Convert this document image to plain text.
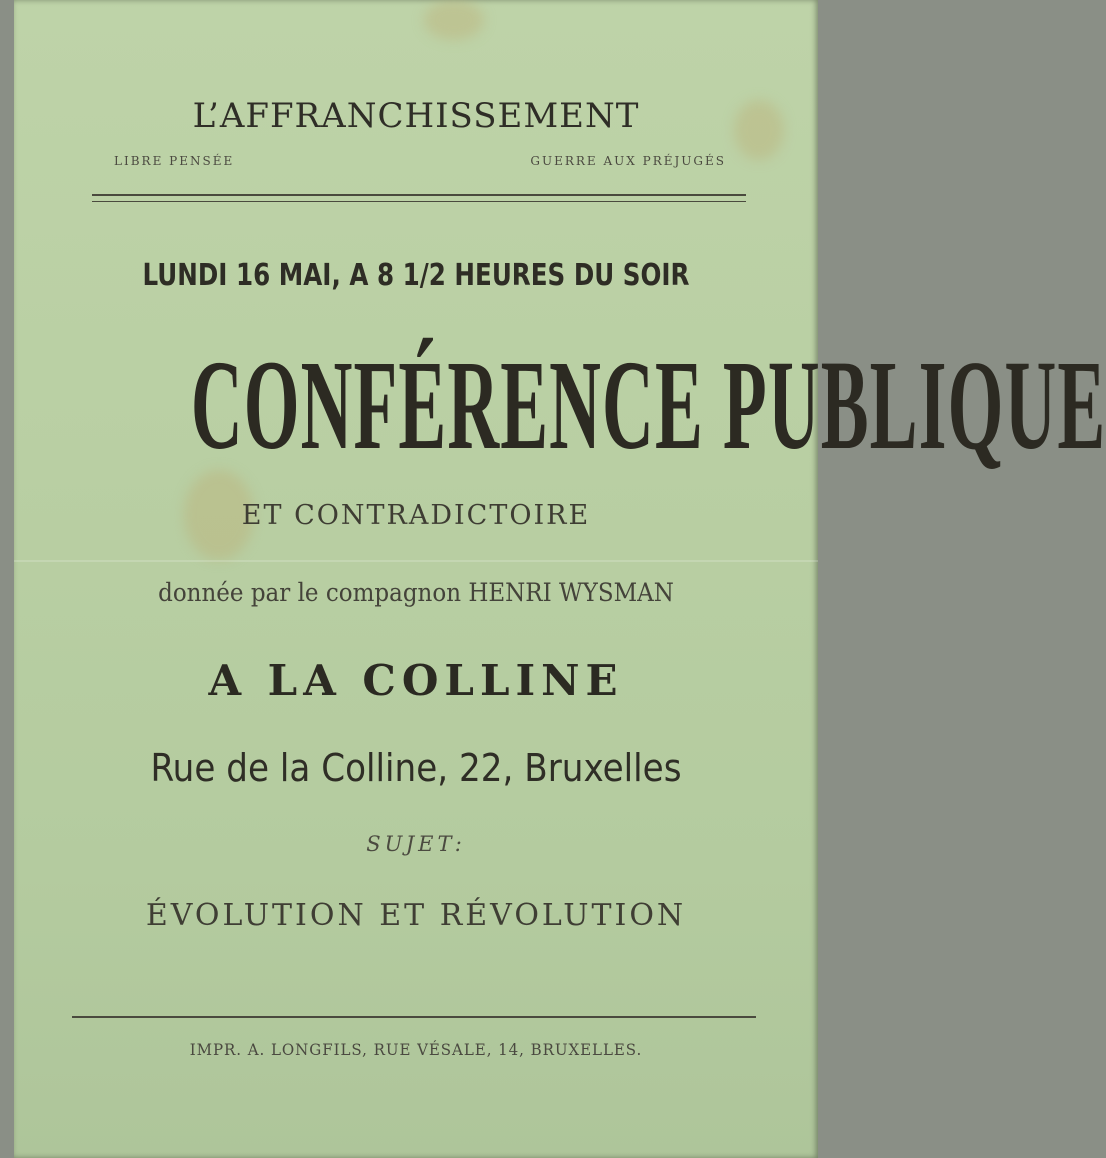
L’AFFRANCHISSEMENT
LIBRE PENSÉE	GUERRE AUX PRÉJUGÉS
LUNDI 16 MAI, A 8 1/2 HEURES DU SOIR
CONFÉRENCE PUBLIQUE
ET CONTRADICTOIRE
donnée par le compagnon HENRI WYSMAN
A LA COLLINE
Rue de la Colline, 22, Bruxelles
SUJET:
ÉVOLUTION ET RÉVOLUTION
IMPR. A. LONGFILS, RUE VÉSALE, 14, BRUXELLES.
